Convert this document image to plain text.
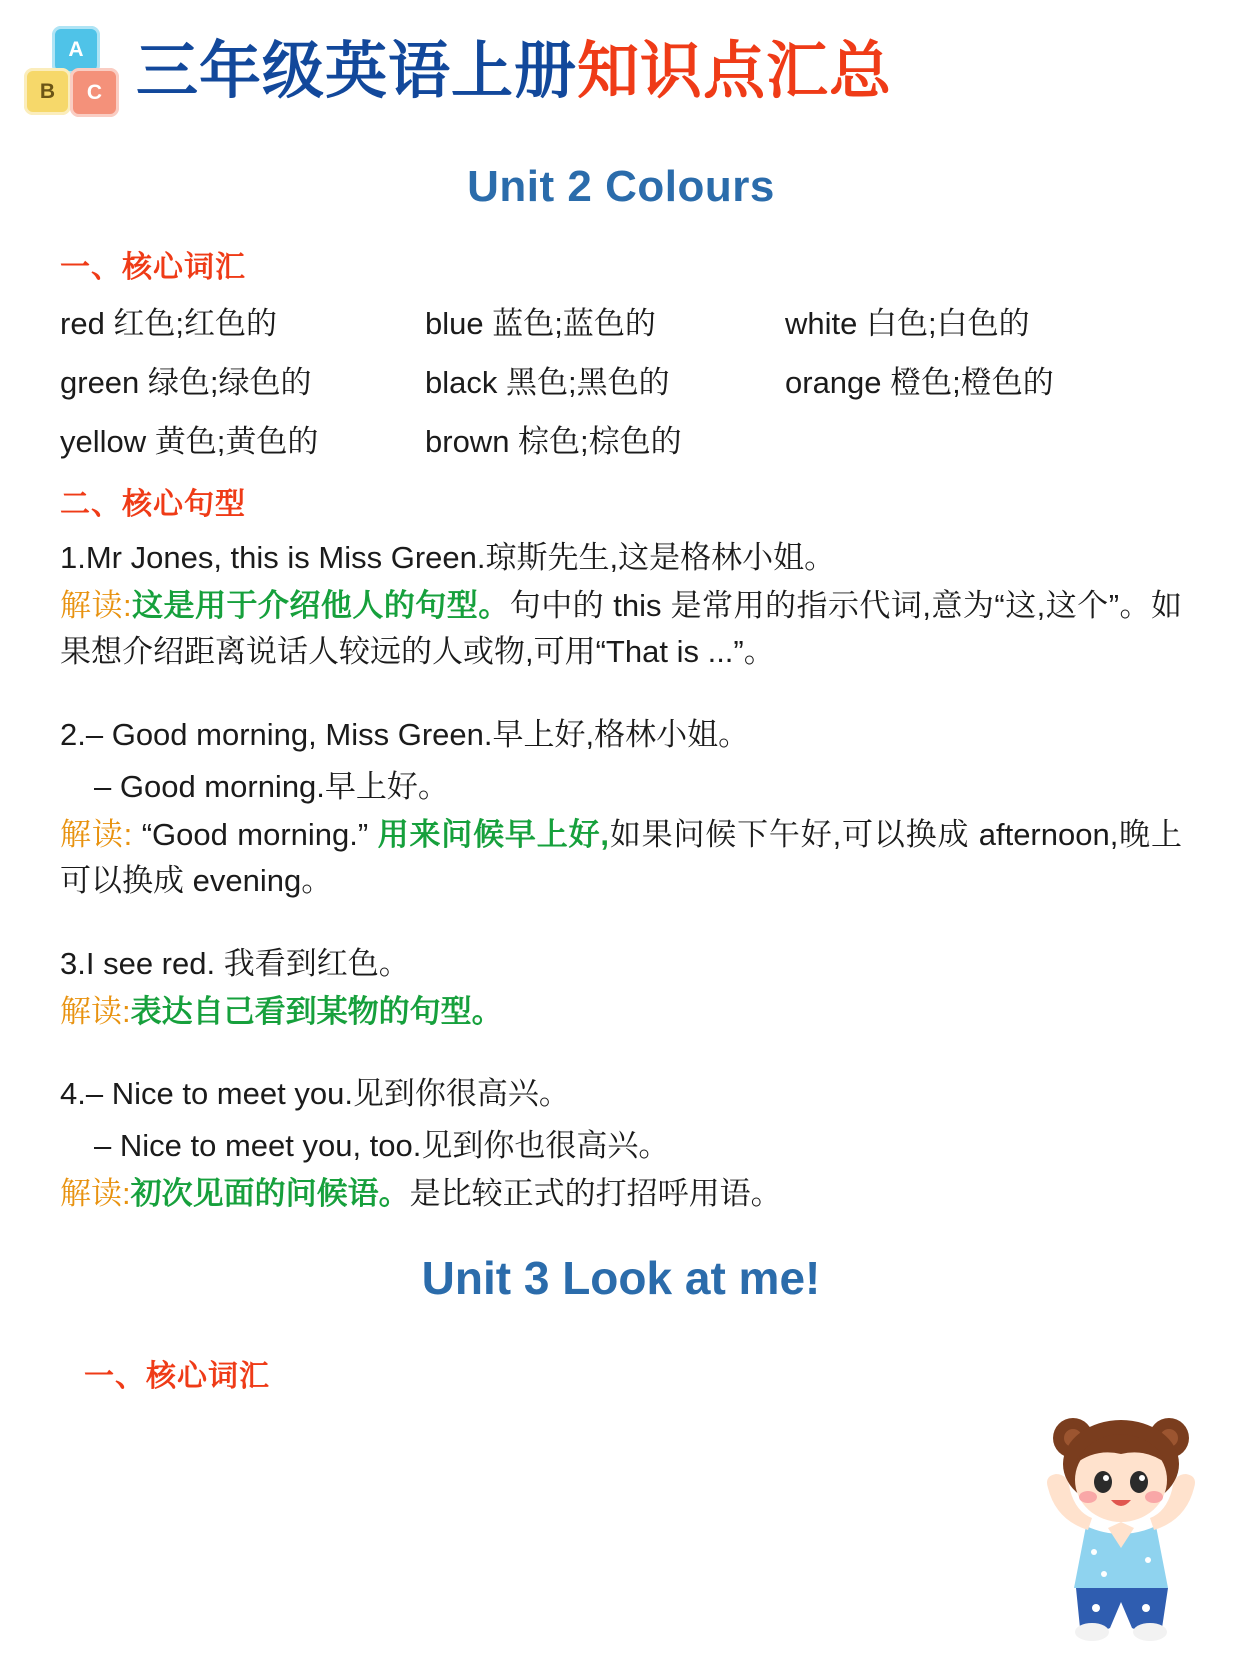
A
B	C 三年级英语上册知识点汇总
Unit 2 Colours
一、核心词汇
red 红色;红色的	blue 蓝色;蓝色的	white 白色;白色的
green 绿色;绿色的	black 黑色;黑色的	orange 橙色;橙色的
yellow 黄色;黄色的	brown 棕色;棕色的
二、核心句型
1.Mr Jones, this is Miss Green.琼斯先生,这是格林小姐。
解读:这是用于介绍他人的句型。句中的 this 是常用的指示代词,意为“这,这个”。如果想介绍距离说话人较远的人或物,可用“That is ...”。
2.– Good morning, Miss Green.早上好,格林小姐。
– Good morning.早上好。
解读: “Good morning.” 用来问候早上好,如果问候下午好,可以换成 afternoon,晚上可以换成 evening。
3.I see red. 我看到红色。
解读:表达自己看到某物的句型。
4.– Nice to meet you.见到你很高兴。
– Nice to meet you, too.见到你也很高兴。
解读:初次见面的问候语。是比较正式的打招呼用语。
Unit 3 Look at me!
一、核心词汇
